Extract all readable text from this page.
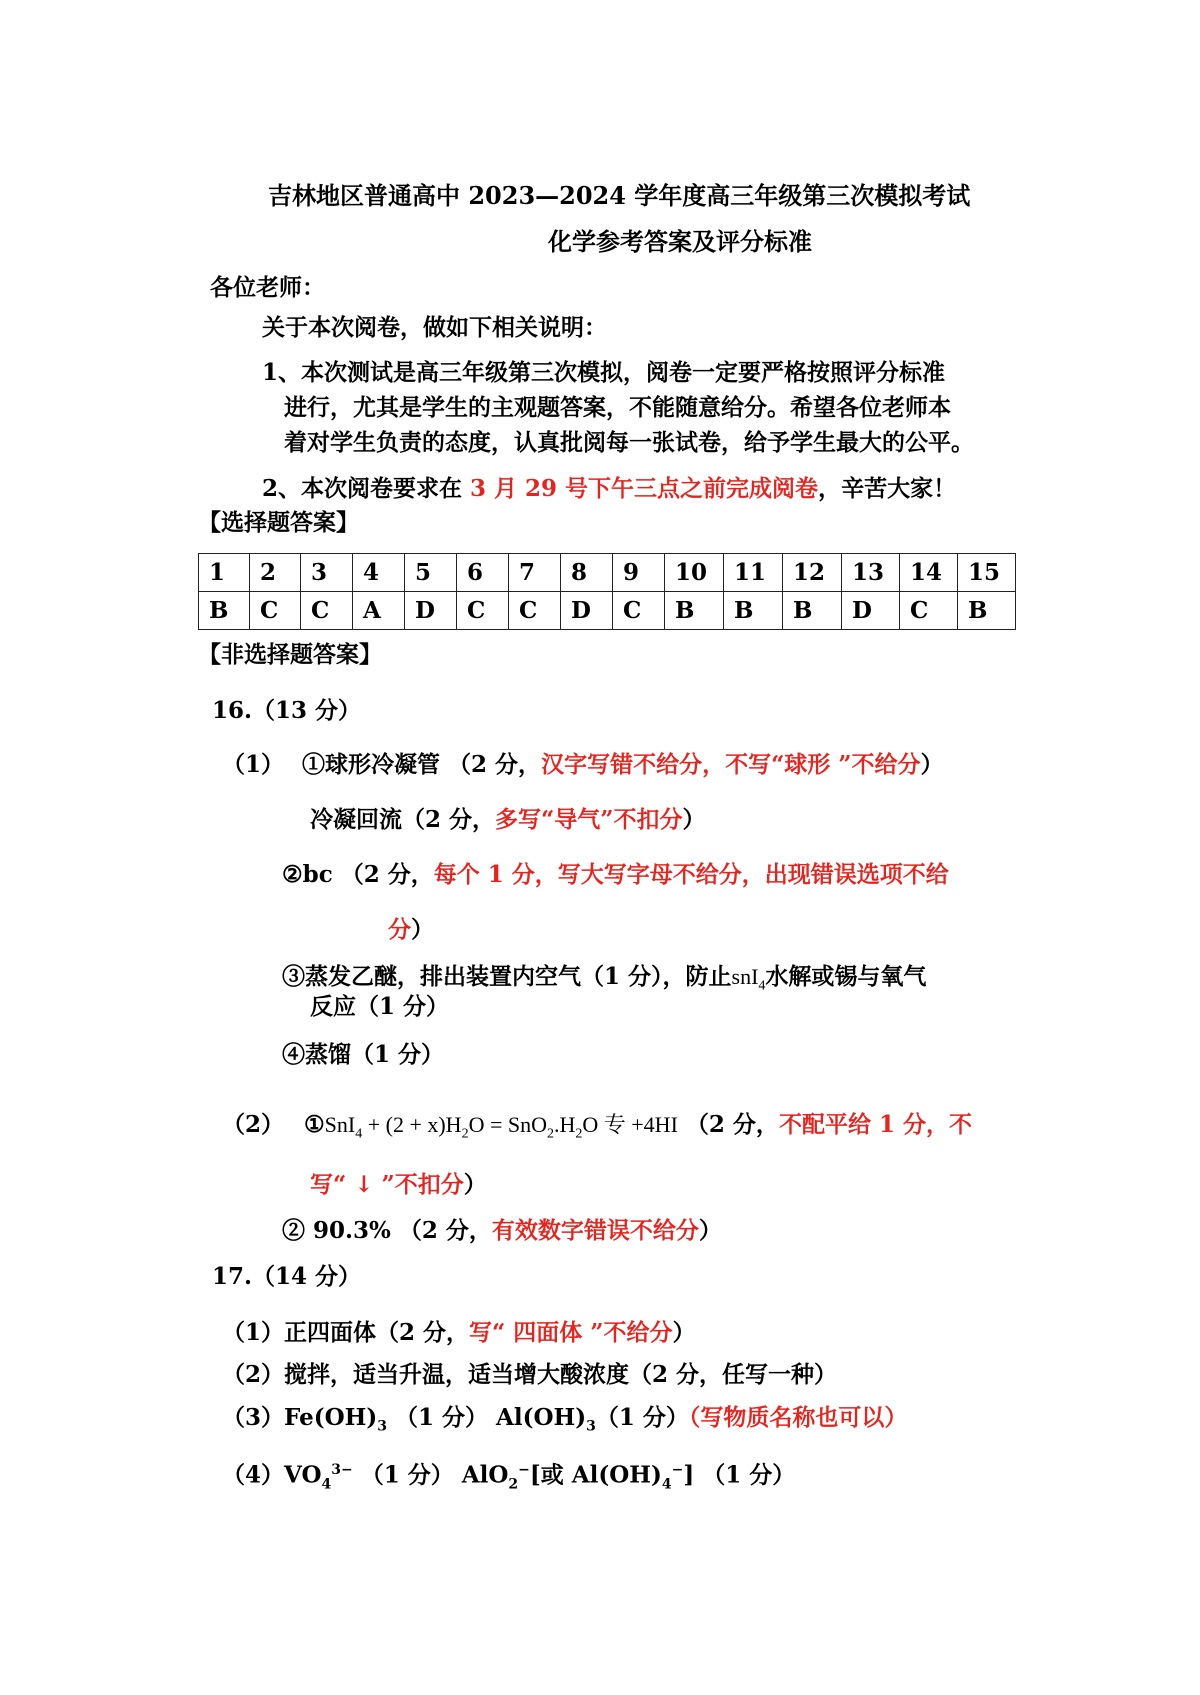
吉林地区普通高中 2023—2024 学年度高三年级第三次模拟考试
化学参考答案及评分标准
各位老师：
关于本次阅卷，做如下相关说明：
1、本次测试是高三年级第三次模拟，阅卷一定要严格按照评分标准
进行，尤其是学生的主观题答案，不能随意给分。希望各位老师本
着对学生负责的态度，认真批阅每一张试卷，给予学生最大的公平。
2、本次阅卷要求在 3 月 29 号下午三点之前完成阅卷，辛苦大家！
【选择题答案】
1	2	3	4	5	6	7	8	9	10	11	12	13	14	15
B	C	C	A	D	C	C	D	C	B	B	B	D	C	B
【非选择题答案】
16.（13 分）
（1） ①球形冷凝管 （2 分，汉字写错不给分，不写“球形 ”不给分）
冷凝回流（2 分，多写“导气”不扣分）
②bc （2 分，每个 1 分，写大写字母不给分，出现错误选项不给
分）
③蒸发乙醚，排出装置内空气（1 分），防止snI$_4$水解或锡与氧气
反应（1 分）
④蒸馏（1 分）
（2） ①SnI$_4$ + $(2 + x)H_2O = SnO_2.H_2O$ 专 +4HI （2 分，不配平给 1 分，不
写“ ↓ ”不扣分）
② 90.3% （2 分，有效数字错误不给分）
17.（14 分）
（1）正四面体（2 分，写“ 四面体 ”不给分）
（2）搅拌，适当升温，适当增大酸浓度（2 分，任写一种）
$(3)Fe(OH)_3$ （1 分） $Al(OH)_3(1$ 分）（写物质名称也可以）
$(4)VO_4^{3-}$ （1 分） AlO$_2$−[或 $Al(OH)_4^-$] （1 分）
